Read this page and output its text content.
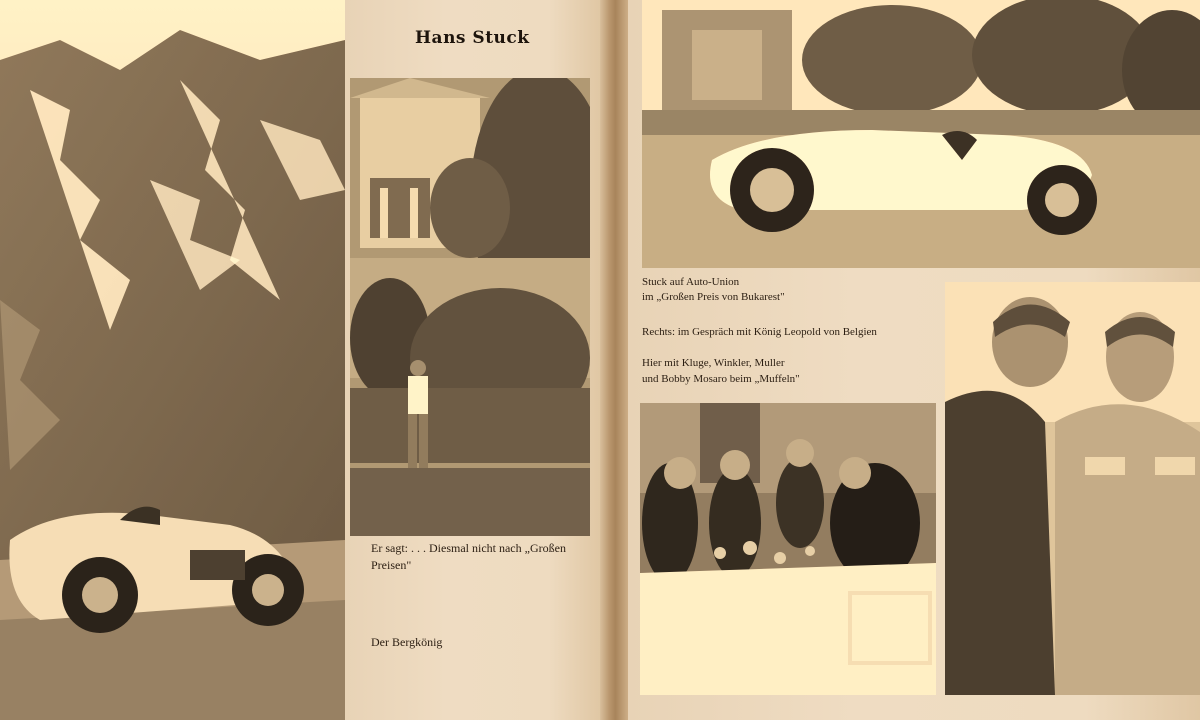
Hans Stuck
Er sagt: . . . Diesmal nicht nach „Großen Preisen"
Der Bergkönig
Stuck auf Auto-Union
im „Großen Preis von Bukarest"
Rechts: im Gespräch mit König Leopold von Belgien
Hier mit Kluge, Winkler, Muller
und Bobby Mosaro beim „Muffeln"
